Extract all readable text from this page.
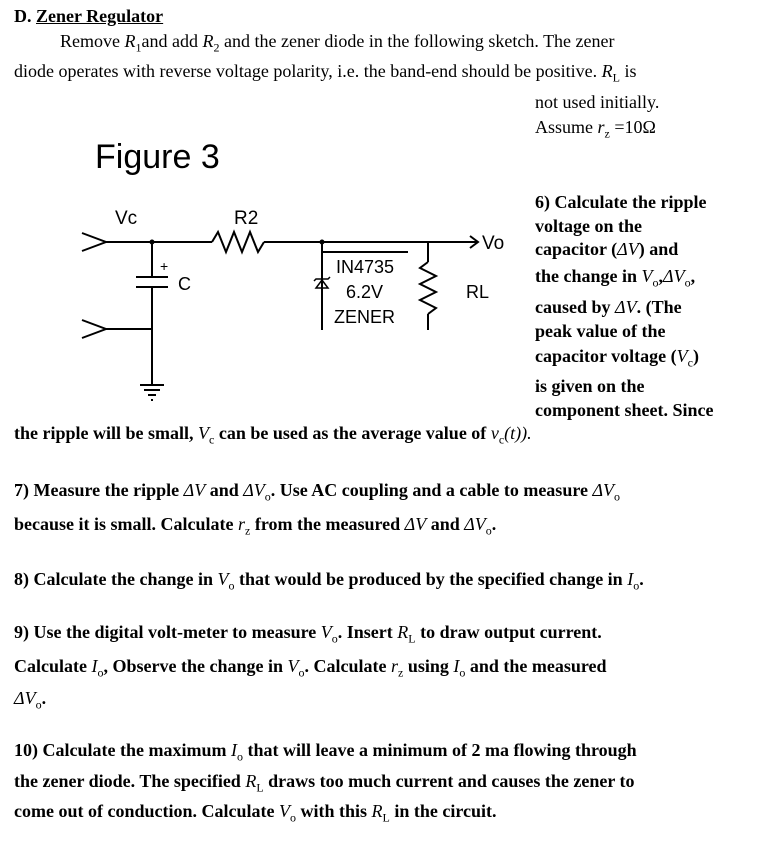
D. Zener Regulator
Remove $R_1and$ add $R_2$ and the zener diode in the following sketch. The zener
diode operates with reverse voltage polarity, i.e. the band-end should be positive. $R_L$ is
not used initially.
Assume $r_z =10\Omega$
Figure 3
Vc	R2
Vo
+
C
IN4735
6.2V
ZENER
RL
6) Calculate the ripple
voltage on the
capacitor (ΔV) and
the change in $V_o,\Delta V_o$,
caused by ΔV. (The
peak value of the
capacitor voltage $(V_c)$
is given on the
component sheet. Since
the ripple will be small, $V_c$ can be used as the average value of $v_c(t)$).
7) Measure the ripple ΔV and $\Delta V_o$. Use AC coupling and a cable to measure $\Delta V_o$
because it is small. Calculate $r_z$ from the measured ΔV and $\Delta V_o$.
8) Calculate the change in $V_o$ that would be produced by the specified change in $I_o$.
9) Use the digital volt-meter to measure $V_o$. Insert $R_L$ to draw output current.
Calculate $I_o$, Observe the change in $V_o$. Calculate $r_z$ using $I_o$ and the measured
$\Delta V_o$.
10) Calculate the maximum $I_o$ that will leave a minimum of 2 ma flowing through
the zener diode. The specified $R_L$ draws too much current and causes the zener to
come out of conduction. Calculate $V_o$ with this $R_L$ in the circuit.
